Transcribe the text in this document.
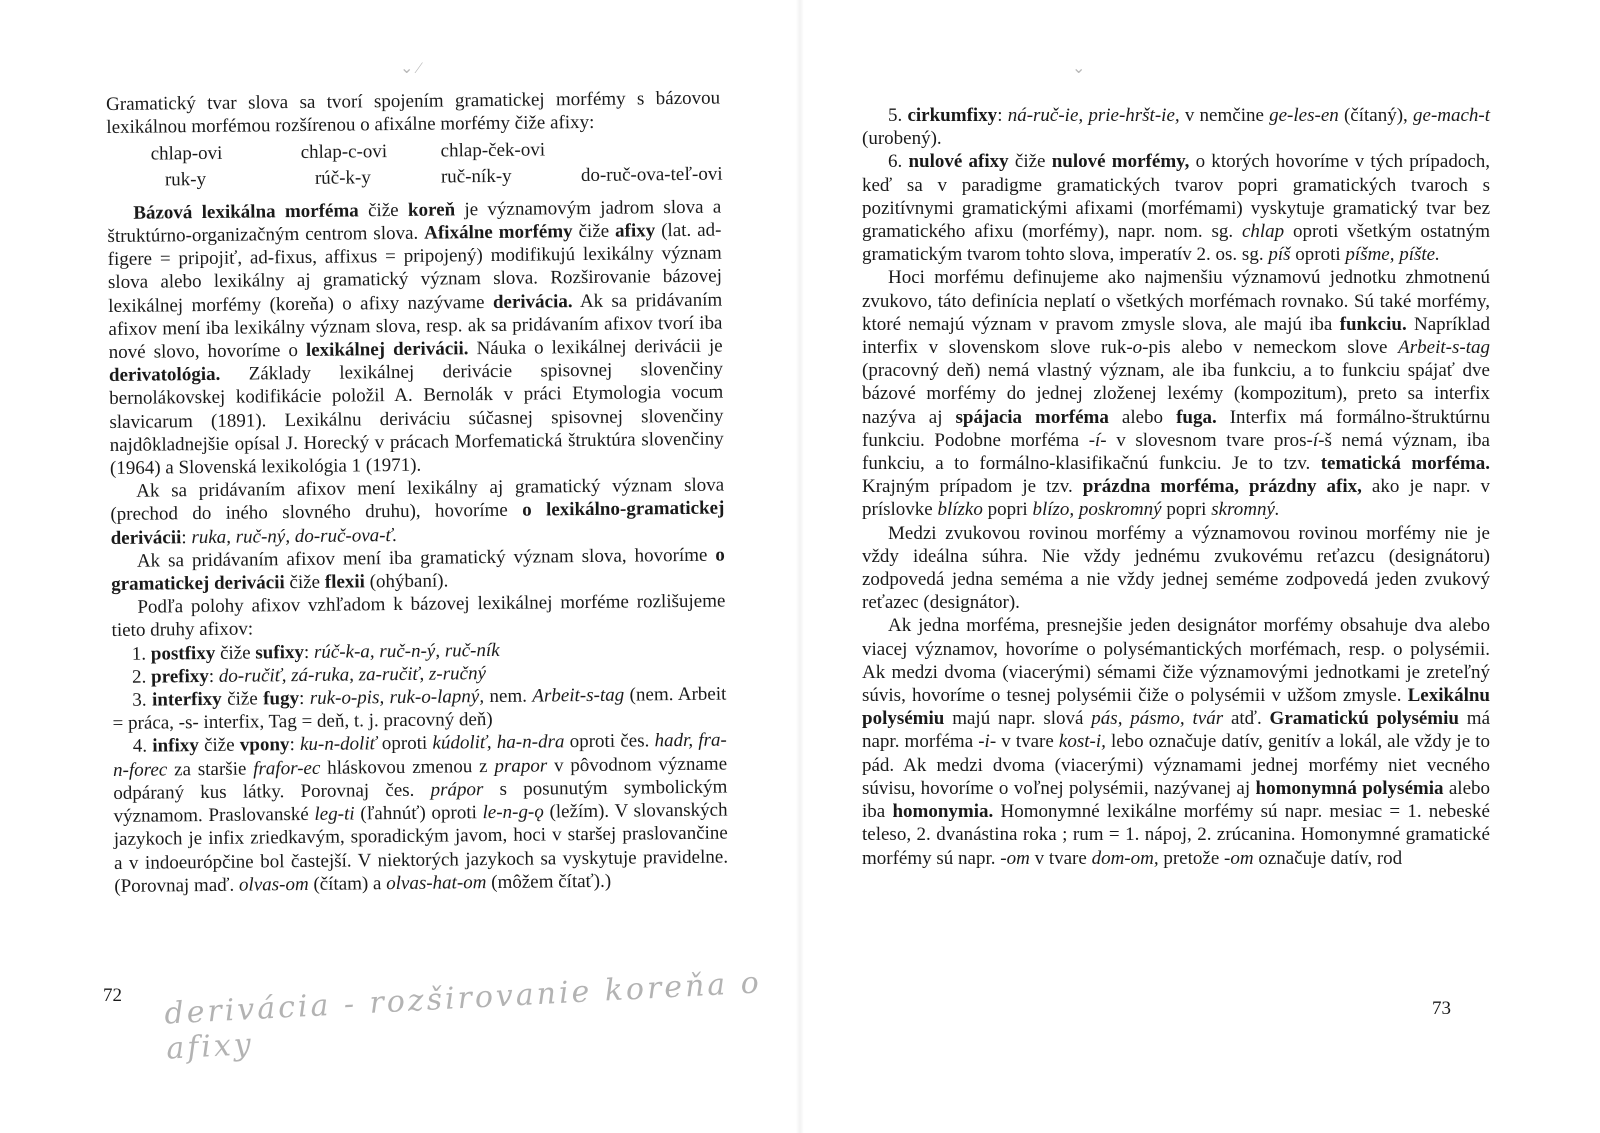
⌄ ⁄

Gramatický tvar slova sa tvorí spojením gramatickej morfémy s bázovou lexikálnou morfémou rozšírenou o afixálne morfémy čiže afixy:

chlap-ovi	chlap-c-ovi	chlap-ček-ovi
ruk-y	rúč-k-y	ruč-ník-y	do-ruč-ova-teľ-ovi

Bázová lexikálna morféma čiže koreň je významovým jadrom slova a štruktúrno-organizačným centrom slova. Afixálne morfémy čiže afixy (lat. ad-figere = pripojiť, ad-fixus, affixus = pripojený) modifikujú lexikálny význam slova alebo lexikálny aj gramatický význam slova. Rozširovanie bázovej lexikálnej morfémy (koreňa) o afixy nazývame derivácia. Ak sa pridávaním afixov mení iba lexikálny význam slova, resp. ak sa pridávaním afixov tvorí iba nové slovo, hovoríme o lexikálnej derivácii. Náuka o lexikálnej derivácii je derivatológia. Základy lexikálnej derivácie spisovnej slovenčiny bernolákovskej kodifikácie položil A. Bernolák v práci Etymologia vocum slavicarum (1891). Lexikálnu deriváciu súčasnej spisovnej slovenčiny najdôkladnejšie opísal J. Horecký v prácach Morfematická štruktúra slovenčiny (1964) a Slovenská lexikológia 1 (1971).

Ak sa pridávaním afixov mení lexikálny aj gramatický význam slova (prechod do iného slovného druhu), hovoríme o lexikálno-gramatickej derivácii: ruka, ruč-ný, do-ruč-ova-ť.

Ak sa pridávaním afixov mení iba gramatický význam slova, hovoríme o gramatickej derivácii čiže flexii (ohýbaní).

Podľa polohy afixov vzhľadom k bázovej lexikálnej morféme rozlišujeme tieto druhy afixov:

1. postfixy čiže sufixy: rúč-k-a, ruč-n-ý, ruč-ník

2. prefixy: do-ručiť, zá-ruka, za-ručiť, z-ručný

3. interfixy čiže fugy: ruk-o-pis, ruk-o-lapný, nem. Arbeit-s-tag (nem. Arbeit = práca, -s- interfix, Tag = deň, t. j. pracovný deň)

4. infixy čiže vpony: ku-n-doliť oproti kúdoliť, ha-n-dra oproti čes. hadr, fra-n-forec za staršie frafor-ec hláskovou zmenou z prapor v pôvodnom význame odpáraný kus látky. Porovnaj čes. prápor s posunutým symbolickým významom. Praslovanské leg-ti (ľahnúť) oproti le-n-g-ǫ (ležím). V slovanských jazykoch je infix zriedkavým, sporadickým javom, hoci v staršej praslovančine a v indoeurópčine bol častejší. V niektorých jazykoch sa vyskytuje pravidelne. (Porovnaj maď. olvas-om (čítam) a olvas-hat-om (môžem čítať).)

72 derivácia - rozširovanie koreňa o afixy
⌄

5. cirkumfixy: ná-ruč-ie, prie-hršt-ie, v nemčine ge-les-en (čítaný), ge-mach-t (urobený).

6. nulové afixy čiže nulové morfémy, o ktorých hovoríme v tých prípadoch, keď sa v paradigme gramatických tvarov popri gramatických tvaroch s pozitívnymi gramatickými afixami (morfémami) vyskytuje gramatický tvar bez gramatického afixu (morfémy), napr. nom. sg. chlap oproti všetkým ostatným gramatickým tvarom tohto slova, imperatív 2. os. sg. píš oproti píšme, píšte.

Hoci morfému definujeme ako najmenšiu významovú jednotku zhmotnenú zvukovo, táto definícia neplatí o všetkých morfémach rovnako. Sú také morfémy, ktoré nemajú význam v pravom zmysle slova, ale majú iba funkciu. Napríklad interfix v slovenskom slove ruk-o-pis alebo v nemeckom slove Arbeit-s-tag (pracovný deň) nemá vlastný význam, ale iba funkciu, a to funkciu spájať dve bázové morfémy do jednej zloženej lexémy (kompozitum), preto sa interfix nazýva aj spájacia morféma alebo fuga. Interfix má formálno-štruktúrnu funkciu. Podobne morféma -í- v slovesnom tvare pros-í-š nemá význam, iba funkciu, a to formálno-klasifikačnú funkciu. Je to tzv. tematická morféma. Krajným prípadom je tzv. prázdna morféma, prázdny afix, ako je napr. v príslovke blízko popri blízo, poskromný popri skromný.

Medzi zvukovou rovinou morfémy a významovou rovinou morfémy nie je vždy ideálna súhra. Nie vždy jednému zvukovému reťazcu (designátoru) zodpovedá jedna seméma a nie vždy jednej seméme zodpovedá jeden zvukový reťazec (designátor).

Ak jedna morféma, presnejšie jeden designátor morfémy obsahuje dva alebo viacej významov, hovoríme o polysémantických morfémach, resp. o polysémii. Ak medzi dvoma (viacerými) sémami čiže významovými jednotkami je zreteľný súvis, hovoríme o tesnej polysémii čiže o polysémii v užšom zmysle. Lexikálnu polysémiu majú napr. slová pás, pásmo, tvár atď. Gramatickú polysémiu má napr. morféma -i- v tvare kost-i, lebo označuje datív, genitív a lokál, ale vždy je to pád. Ak medzi dvoma (viacerými) významami jednej morfémy niet vecného súvisu, hovoríme o voľnej polysémii, nazývanej aj homonymná polysémia alebo iba homonymia. Homonymné lexikálne morfémy sú napr. mesiac = 1. nebeské teleso, 2. dvanástina roka ; rum = 1. nápoj, 2. zrúcanina. Homonymné gramatické morfémy sú napr. -om v tvare dom-om, pretože -om označuje datív, rod

73
